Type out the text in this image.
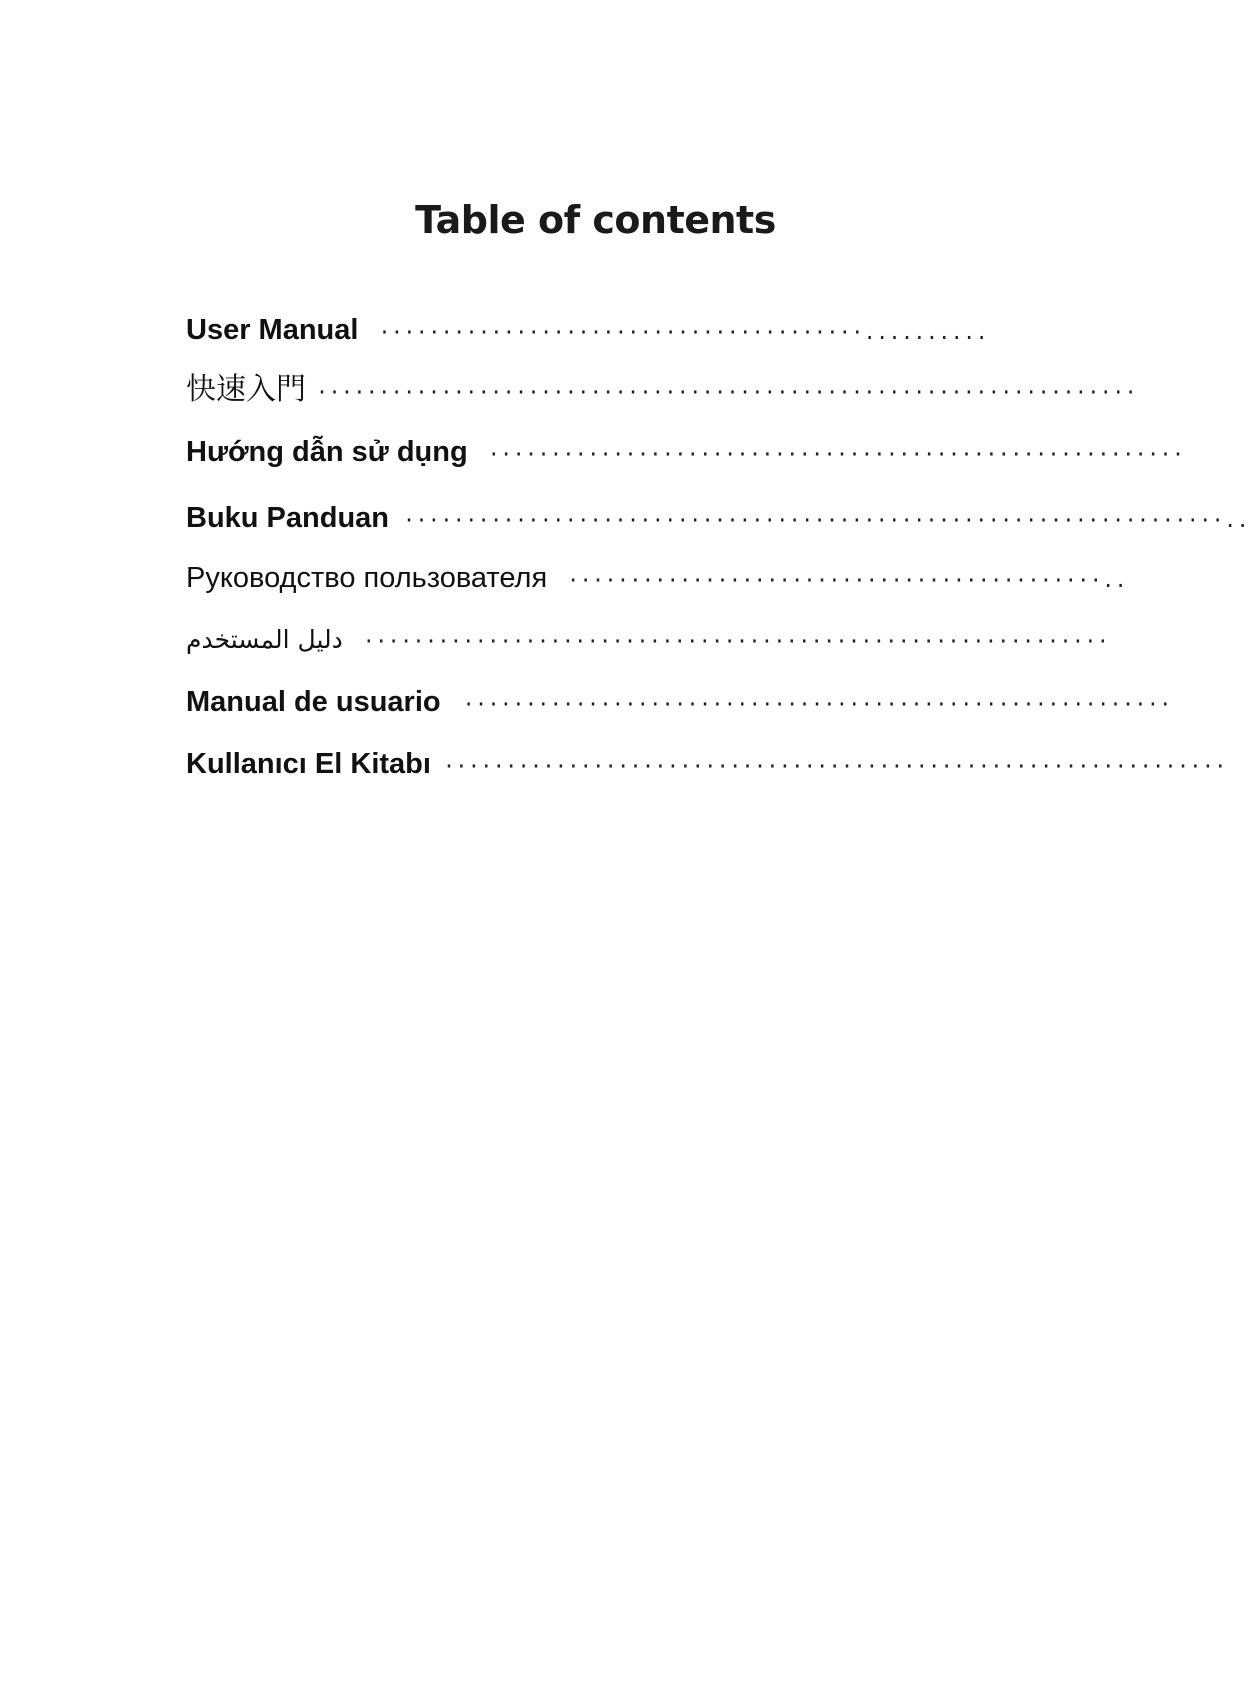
Table of contents
User Manual ·······································..........
快速入門 ··································································
Hướng dẫn sử dụng ························································
Buku Panduan ··································································..
Руководство пользователя ···········································..
دليل المستخدم ····························································
Manual de usuario ·························································
Kullanıcı El Kitabı ·······························································
